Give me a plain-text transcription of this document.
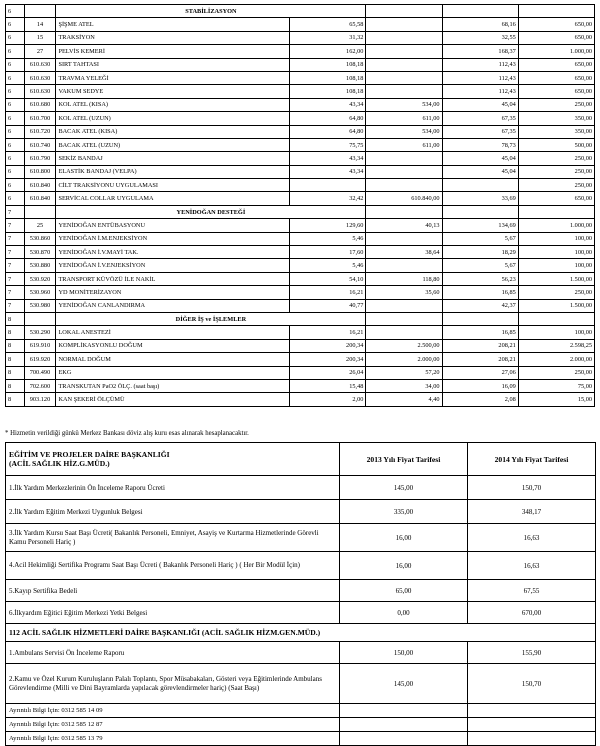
6		STABİLİZASYON				
6	14	ŞİŞME ATEL	65,58		68,16	650,00
6	15	TRAKSİYON	31,32		32,55	650,00
6	27	PELVİS KEMERİ	162,00		168,37	1.000,00
6	610.630	SIRT TAHTASI	108,18		112,43	650,00
6	610.630	TRAVMA YELEĞİ	108,18		112,43	650,00
6	610.630	VAKUM SEDYE	108,18		112,43	650,00
6	610.680	KOL ATEL (KISA)	43,34	534,00	45,04	250,00
6	610.700	KOL ATEL (UZUN)	64,80	611,00	67,35	350,00
6	610.720	BACAK ATEL (KISA)	64,80	534,00	67,35	350,00
6	610.740	BACAK ATEL (UZUN)	75,75	611,00	78,73	500,00
6	610.790	SEKİZ BANDAJ	43,34		45,04	250,00
6	610.800	ELASTİK BANDAJ (VELPA)	43,34		45,04	250,00
6	610.840	CİLT TRAKSİYONU UYGULAMASI				250,00
6	610.840	SERVİCAL COLLAR UYGULAMA	32,42	610.840,00	33,69	650,00
7		YENİDOĞAN DESTEĞİ				
7	25	YENİDOĞAN ENTÜBASYONU	129,60	40,13	134,69	1.000,00
7	530.860	YENİDOĞAN İ.M.ENJEKSİYON	5,46		5,67	100,00
7	530.870	YENİDOĞAN İ.V.MAYİ TAK.	17,60	38,64	18,29	100,00
7	530.880	YENİDOĞAN İ.V.ENJEKSİYON	5,46		5,67	100,00
7	530.920	TRANSPORT KÜVÖZÜ İLE NAKİL	54,10	118,80	56,23	1.500,00
7	530.960	YD MONİTERİZAYON	16,21	35,60	16,85	250,00
7	530.980	YENİDOĞAN CANLANDIRMA	40,77		42,37	1.500,00
8		DİĞER İŞ ve İŞLEMLER				
8	530.290	LOKAL ANESTEZİ	16,21		16,85	100,00
8	619.910	KOMPLİKASYONLU DOĞUM	200,34	2.500,00	208,21	2.598,25
8	619.920	NORMAL DOĞUM	200,34	2.000,00	208,21	2.000,00
8	700.490	EKG	26,04	57,20	27,06	250,00
8	702.600	TRANSKUTAN PaO2 ÖLÇ. (saat başı)	15,48	34,00	16,09	75,00
8	903.120	KAN ŞEKERİ ÖLÇÜMÜ	2,00	4,40	2,08	15,00
* Hizmetin verildiği günkü Merkez Bankası döviz alış kuru esas alınarak hesaplanacaktır.
EĞİTİM VE PROJELER DAİRE BAŞKANLIĞI
(ACİL SAĞLIK HİZ.G.MÜD.)	2013 Yılı Fiyat Tarifesi	2014 Yılı Fiyat Tarifesi
1.İlk Yardım Merkezlerinin Ön İnceleme Raporu Ücreti	145,00	150,70
2.İlk Yardım Eğitim Merkezi Uygunluk Belgesi	335,00	348,17
3.İlk Yardım Kursu Saat Başı Ücreti( Bakanlık Personeli, Emniyet, Asayiş ve Kurtarma Hizmetlerinde Görevli Kamu Personeli Hariç )	16,00	16,63
4.Acil Hekimliği Sertifika Programı Saat Başı Ücreti ( Bakanlık Personeli Hariç ) ( Her Bir Modül İçin)	16,00	16,63
5.Kayıp Sertifika Bedeli	65,00	67,55
6.İlkyardım Eğitici Eğitim Merkezi Yetki Belgesi	0,00	670,00
112 ACİL SAĞLIK HİZMETLERİ DAİRE BAŞKANLIĞI (ACİL SAĞLIK HİZM.GEN.MÜD.)		
1.Ambulans Servisi Ön İnceleme Raporu	150,00	155,90
2.Kamu ve Özel Kurum Kuruluşların Palalı Toplantı, Spor Müsabakaları, Gösteri veya Eğitimlerinde Ambulans Görevlendirme (Milli ve Dini Bayramlarda yapılacak görevlendirmeler hariç) (Saat Başı)	145,00	150,70
Ayrıntılı Bilgi İçin: 0312 585 14 09		
Ayrıntılı Bilgi İçin: 0312 585 12 87		
Ayrıntılı Bilgi İçin: 0312 585 13 79		
